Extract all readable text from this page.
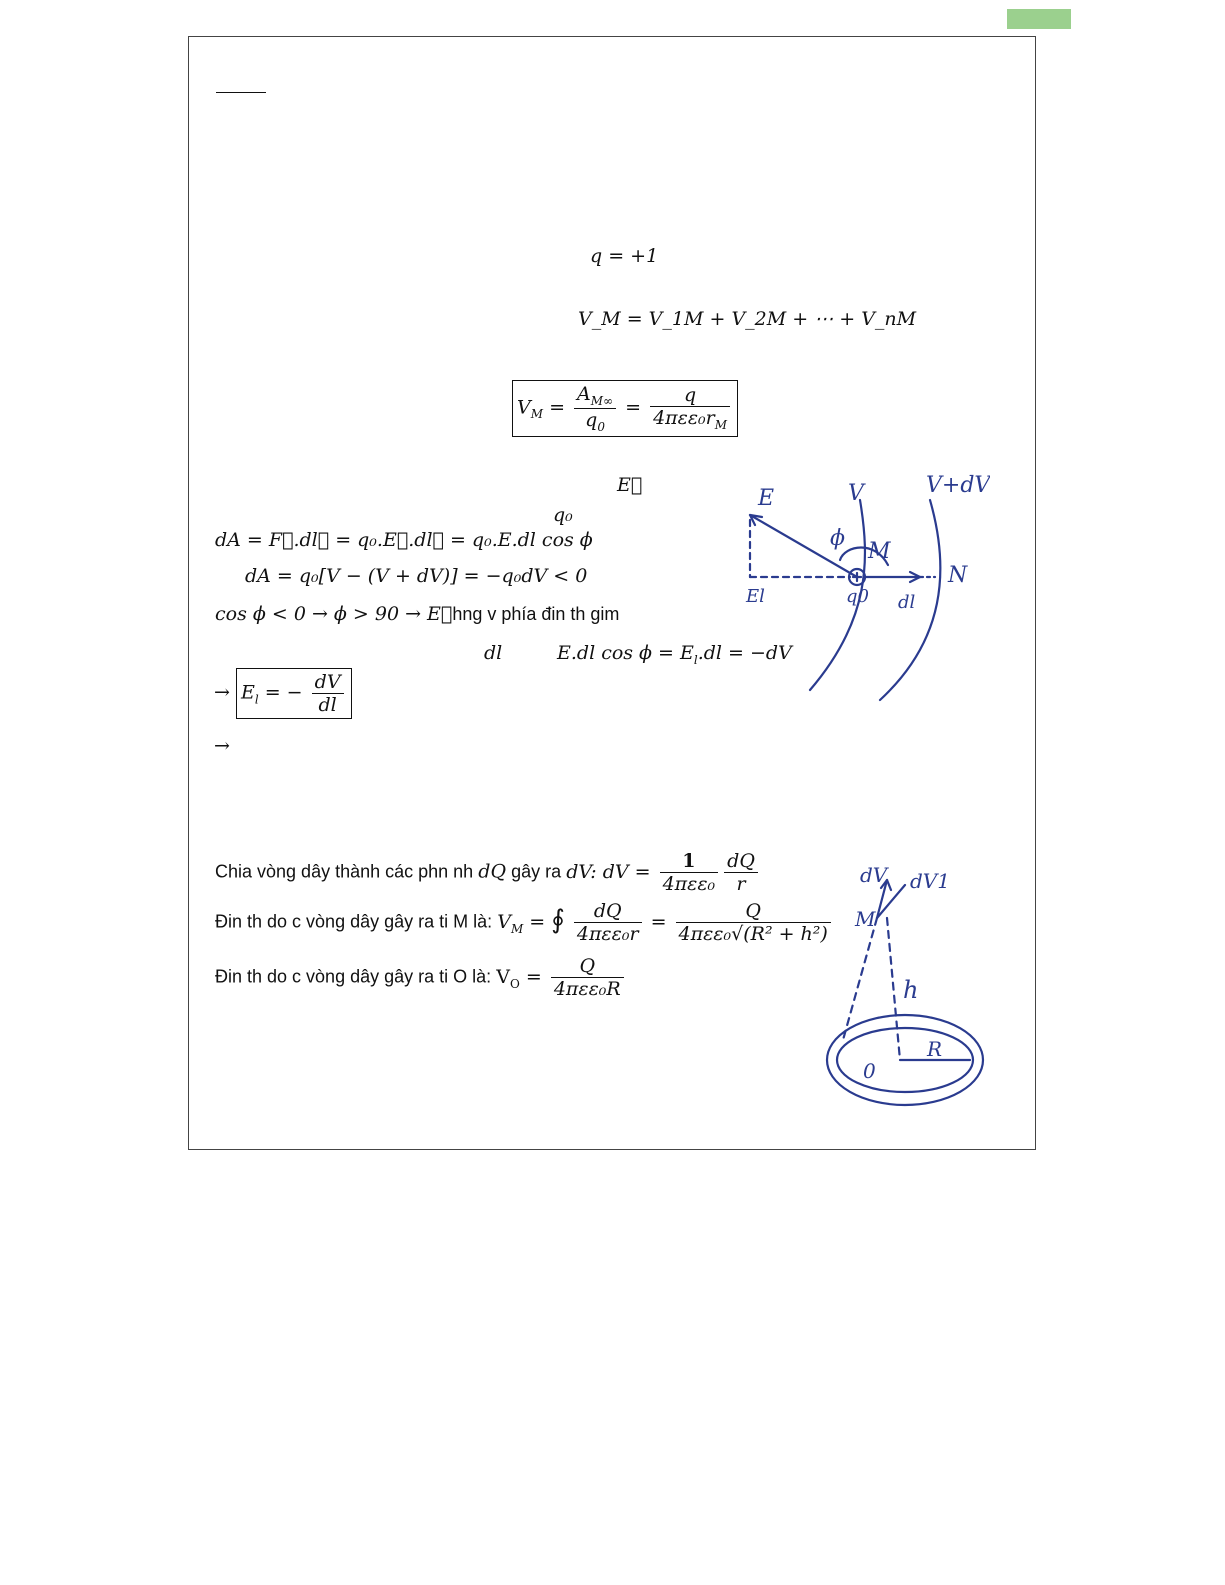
q = +1
V_M = V_1M + V_2M + ⋯ + V_nM
$V_M = \frac{A_{M\infty}}{q_0} = \frac{q}{4\pi\varepsilon\varepsilon_0r_M}$
E⃗
q₀
dA = F⃗.dl⃗ = q₀.E⃗.dl⃗ = q₀.E.dl cos ϕ
dA = q₀[V − (V + dV)] = −q₀dV < 0
cos ϕ < 0 → ϕ > 90 → E⃗hng v phía đin th gim
dl	E.dl $\cos \phi = E_l.dl = -dV$
→ $E_l$ = − $\frac{dV}{dl}$
→
Chia vòng dây thành các phn nh dQ gây ra dV: dV = $\frac{1}{\text{4πεε₀}} \frac{dQ}{r}$
Đin th do c vòng dây gây ra ti M là: $V_M$ = ∮ $\frac{dQ}{\text{4πεε₀r}} = \frac{Q}{\text{4πεε₀√(R² + h²)}}$
Đin th do c vòng dây gây ra ti O là: $V_O = \frac{Q}{\text{4πεε₀R}}$
E	V	V+dV
ϕ
M
N
El	q0 dl
dV dV1
M
h
0
R
